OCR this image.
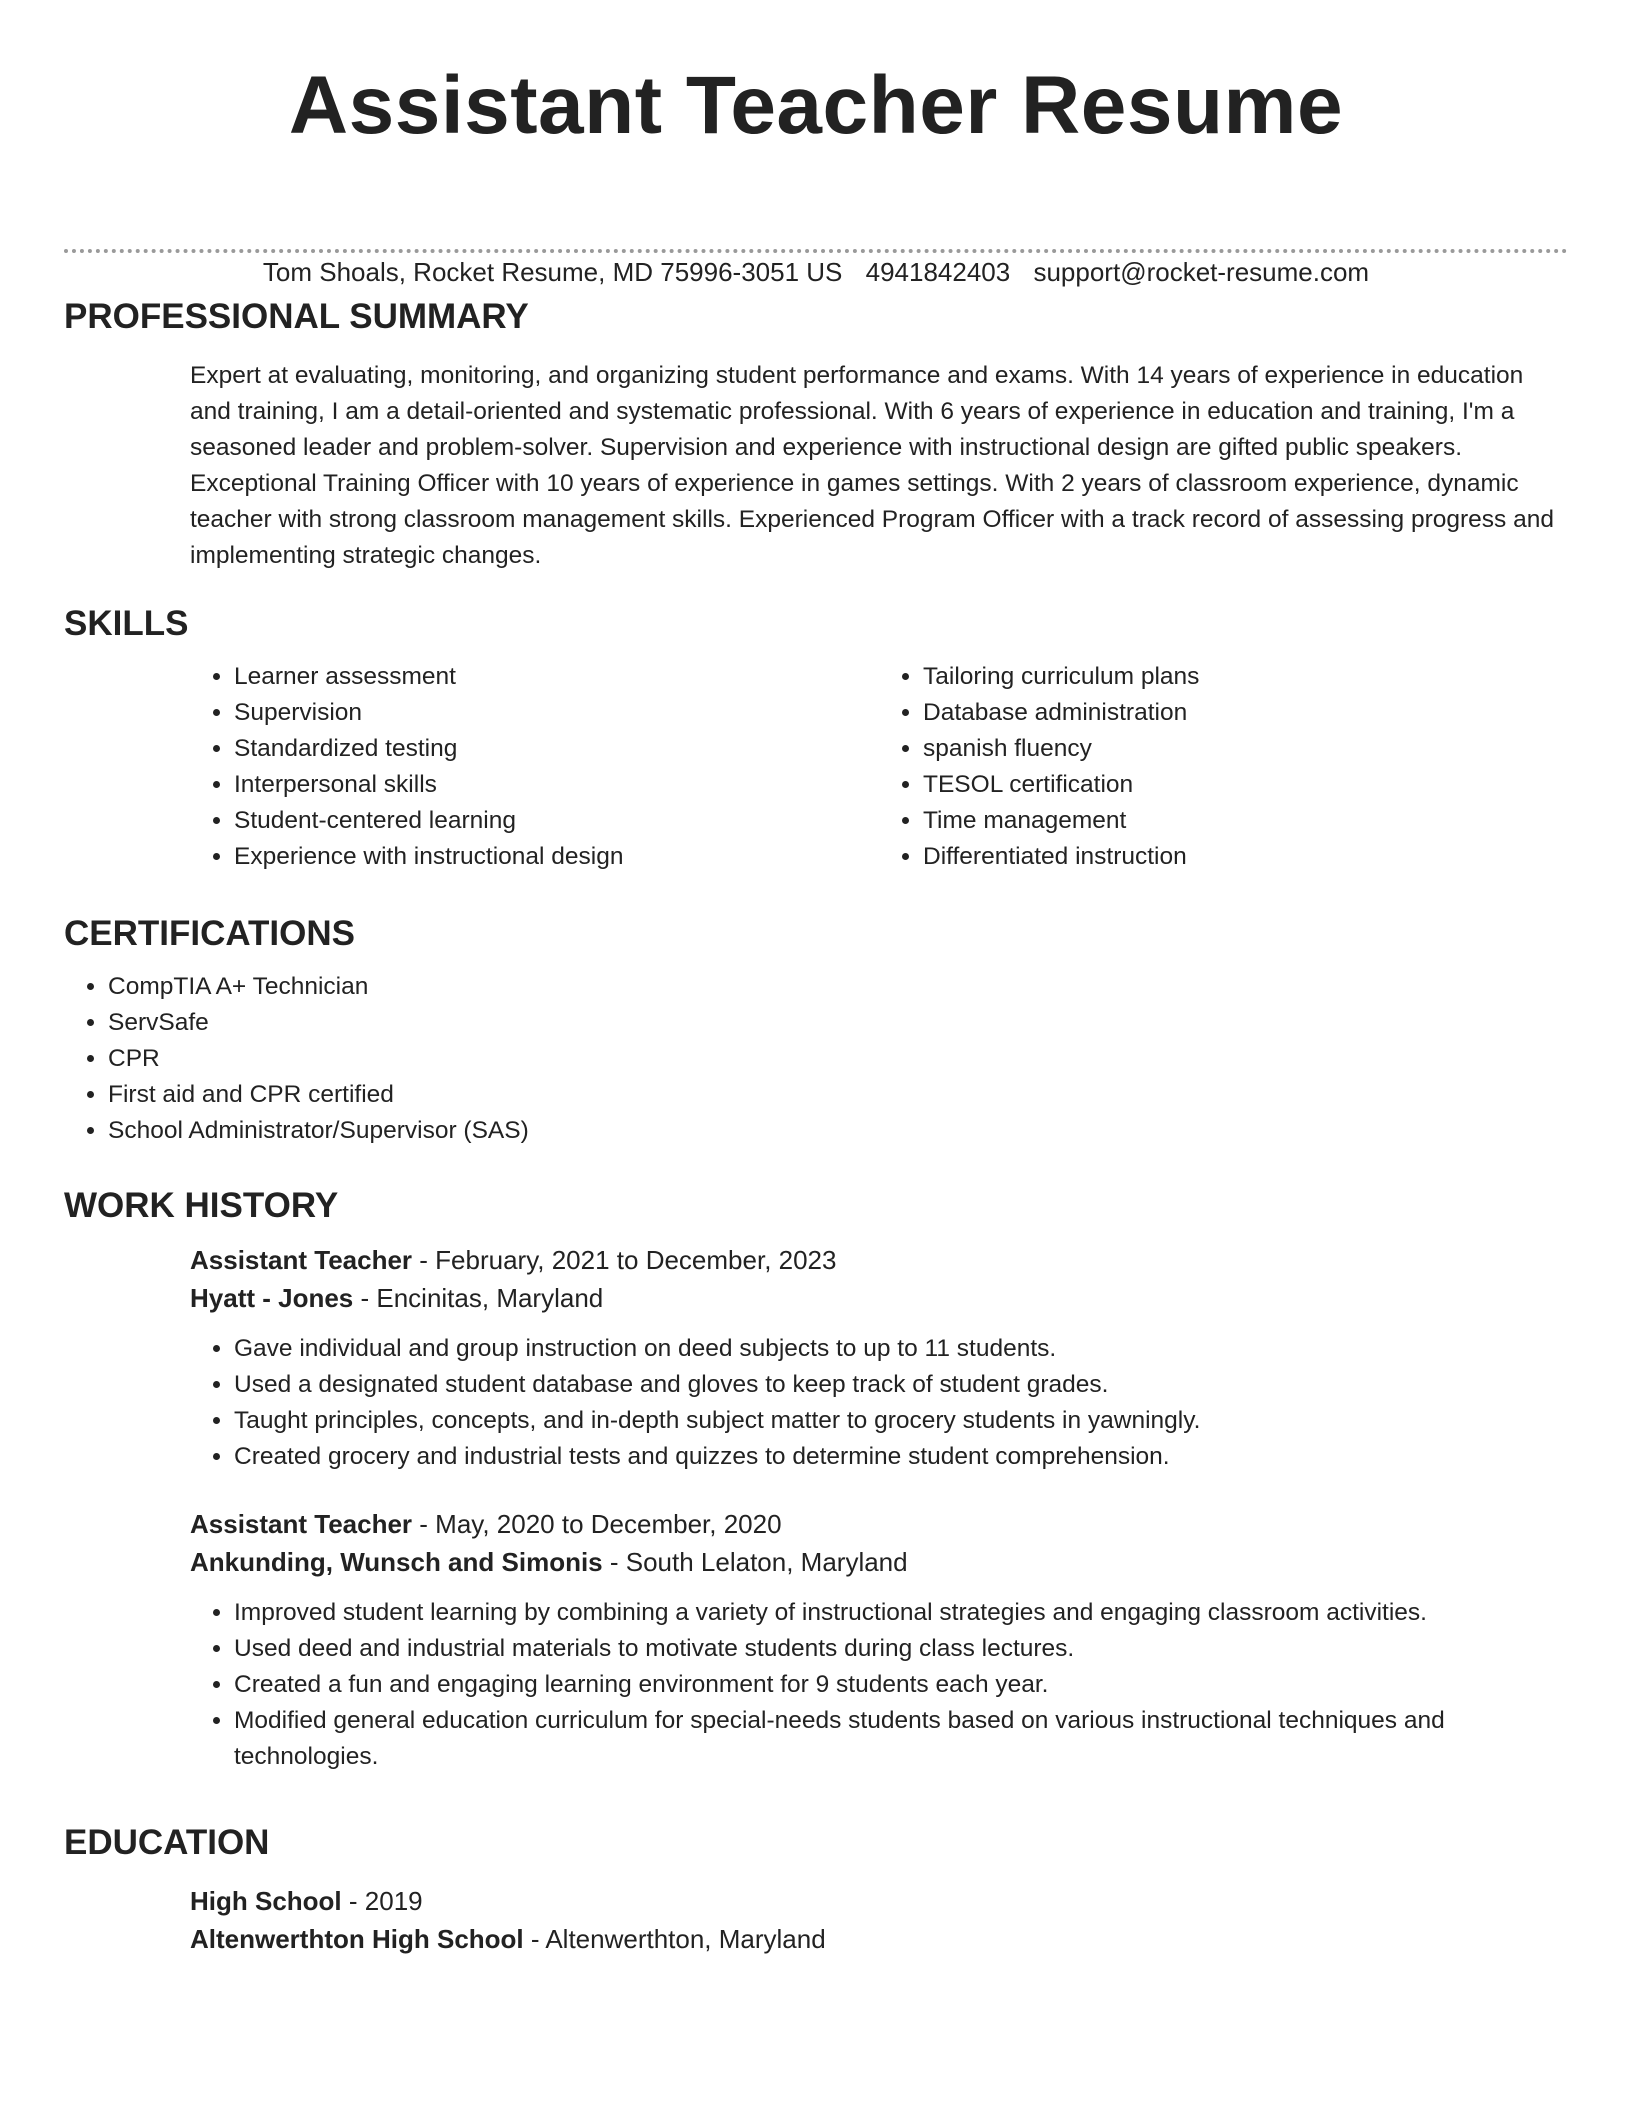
Assistant Teacher Resume
Tom Shoals, Rocket Resume, MD 75996-3051 US 4941842403 support@rocket-resume.com
PROFESSIONAL SUMMARY
Expert at evaluating, monitoring, and organizing student performance and exams. With 14 years of experience in education and training, I am a detail-oriented and systematic professional. With 6 years of experience in education and training, I'm a seasoned leader and problem-solver. Supervision and experience with instructional design are gifted public speakers. Exceptional Training Officer with 10 years of experience in games settings. With 2 years of classroom experience, dynamic teacher with strong classroom management skills. Experienced Program Officer with a track record of assessing progress and implementing strategic changes.
SKILLS
• Learner assessment
• Supervision
• Standardized testing
• Interpersonal skills
• Student-centered learning
• Experience with instructional design
• Tailoring curriculum plans
• Database administration
• spanish fluency
• TESOL certification
• Time management
• Differentiated instruction
CERTIFICATIONS
• CompTIA A+ Technician
• ServSafe
• CPR
• First aid and CPR certified
• School Administrator/Supervisor (SAS)
WORK HISTORY
Assistant Teacher - February, 2021 to December, 2023
Hyatt - Jones - Encinitas, Maryland
• Gave individual and group instruction on deed subjects to up to 11 students.
• Used a designated student database and gloves to keep track of student grades.
• Taught principles, concepts, and in-depth subject matter to grocery students in yawningly.
• Created grocery and industrial tests and quizzes to determine student comprehension.
Assistant Teacher - May, 2020 to December, 2020
Ankunding, Wunsch and Simonis - South Lelaton, Maryland
• Improved student learning by combining a variety of instructional strategies and engaging classroom activities.
• Used deed and industrial materials to motivate students during class lectures.
• Created a fun and engaging learning environment for 9 students each year.
• Modified general education curriculum for special-needs students based on various instructional techniques and technologies.
EDUCATION
High School - 2019
Altenwerthton High School - Altenwerthton, Maryland
